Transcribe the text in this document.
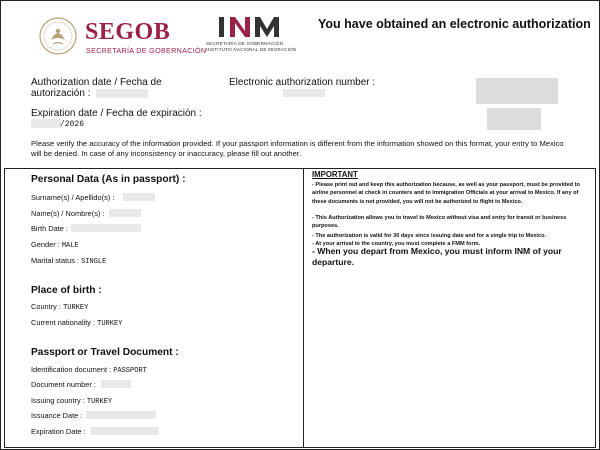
SEGOB
SECRETARÍA DE GOBERNACIÓN
SECRETARÍA DE GOBERNACIÓN
INSTITUTO NACIONAL DE MIGRACIÓN
You have obtained an electronic authorization
Authorization date / Fecha de
autorización :
Electronic authorization number :
Expiration date / Fecha de expiración :
/2026
Please verify the accuracy of the information provided. If your passport information is different from the information showed on this format, your entry to Mexico will be denied. In case of any inconsistency or inaccuracy, please fill out another.
Personal Data (As in passport) :
Surname(s) / Apellido(s) :
Name(s) / Nombre(s) :
Birth Date :
Gender : MALE
Marital status : SINGLE
Place of birth :
Country : TURKEY
Current nationality : TURKEY
Passport or Travel Document :
Identification document : PASSPORT
Document number :
Issuing country : TURKEY
Issuance Date :
Expiration Date :
IMPORTANT
- Please print out and keep this authorization because, as well as your passport, must be provided to airline personnel at check in counters and to Immigration Officials at your arrival to Mexico. If any of these documents is not provided, you will not be authorized to flight to Mexico.
- This Authorization allows you to travel to Mexico without visa and entry for transit or business purposes.
- The authorization is valid for 30 days since issuing date and for a single trip to Mexico.
- At your arrival to the country, you must complete a FMM form.
- When you depart from Mexico, you must inform INM of your departure.
